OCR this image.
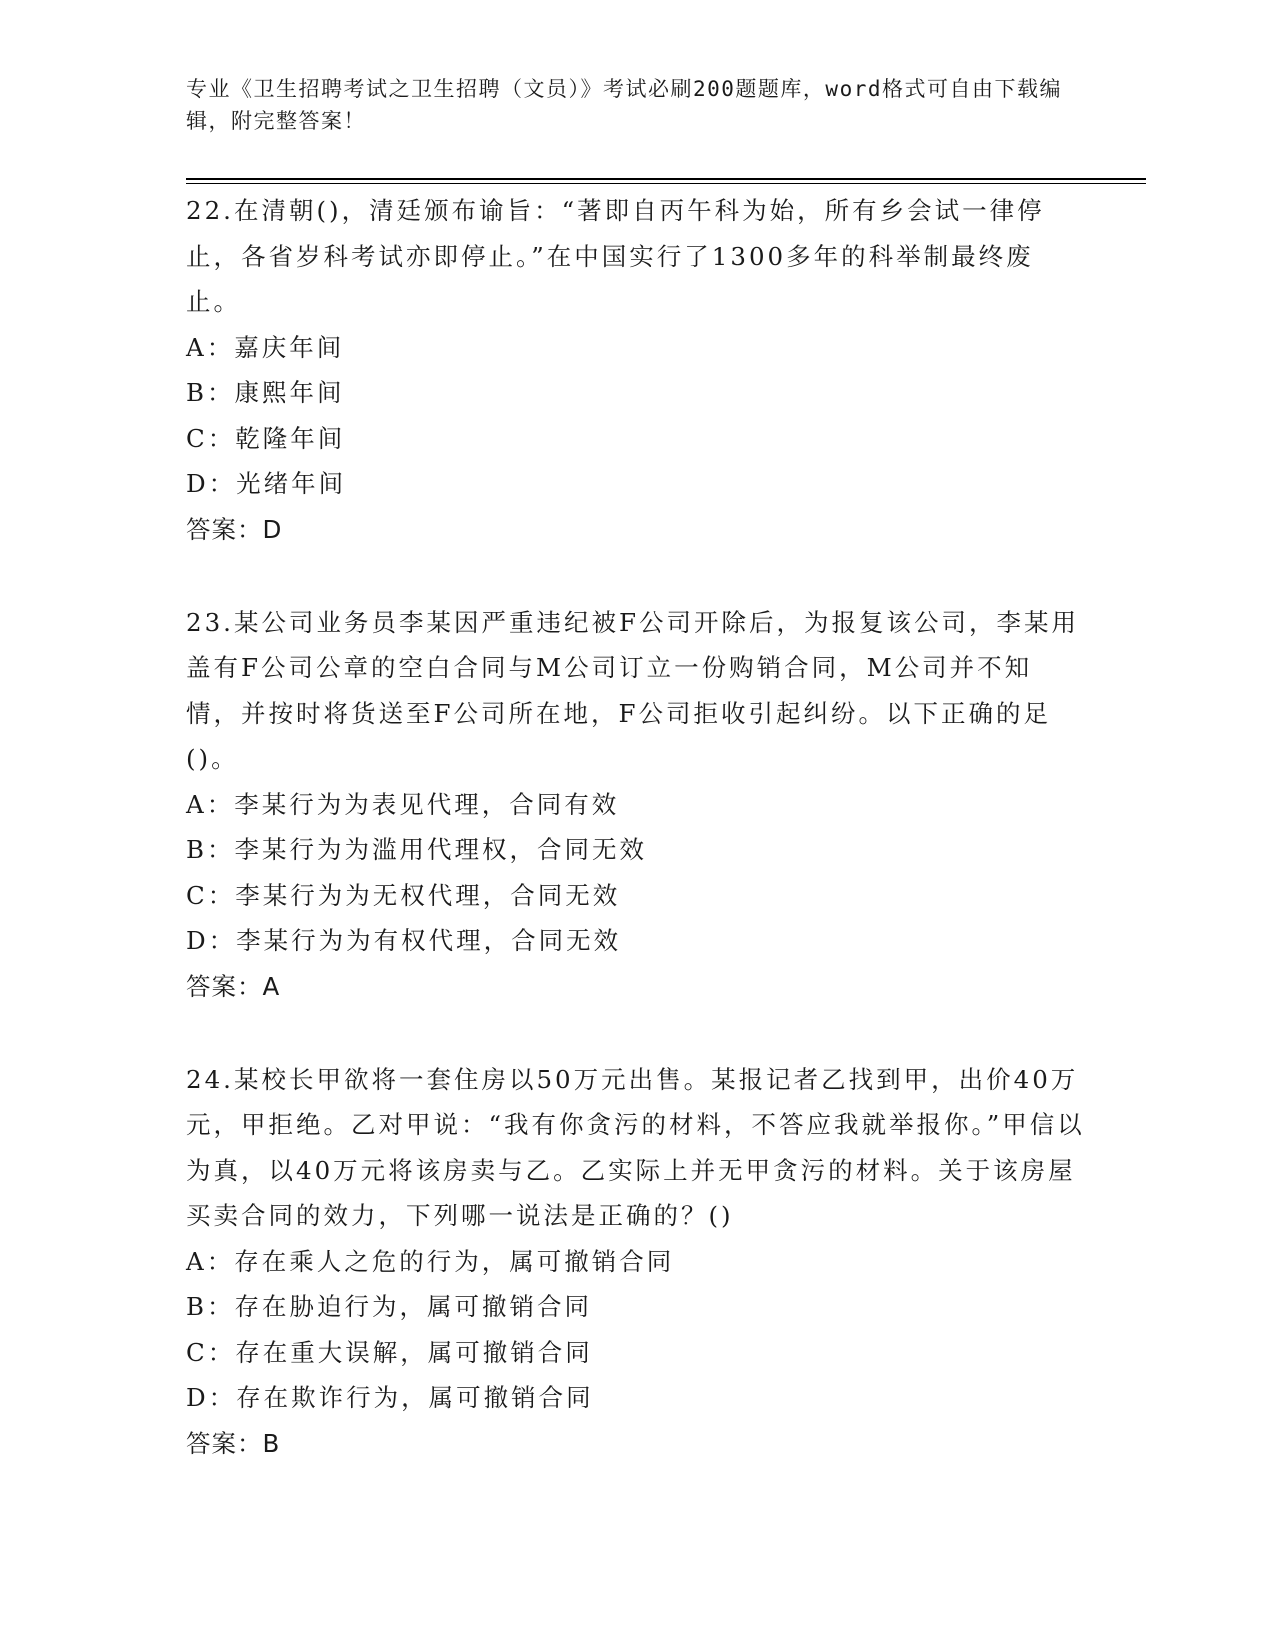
专业《卫生招聘考试之卫生招聘（文员）》考试必刷200题题库，word格式可自由下载编辑，附完整答案！

22.在清朝()，清廷颁布谕旨：“著即自丙午科为始，所有乡会试一律停止，各省岁科考试亦即停止。”在中国实行了1300多年的科举制最终废止。

A：嘉庆年间

B：康熙年间

C：乾隆年间

D：光绪年间

答案：D

23.某公司业务员李某因严重违纪被F公司开除后，为报复该公司，李某用盖有F公司公章的空白合同与M公司订立一份购销合同，M公司并不知情，并按时将货送至F公司所在地，F公司拒收引起纠纷。以下正确的足()。

A：李某行为为表见代理，合同有效

B：李某行为为滥用代理权，合同无效

C：李某行为为无权代理，合同无效

D：李某行为为有权代理，合同无效

答案：A

24.某校长甲欲将一套住房以50万元出售。某报记者乙找到甲，出价40万元，甲拒绝。乙对甲说：“我有你贪污的材料，不答应我就举报你。”甲信以为真，以40万元将该房卖与乙。乙实际上并无甲贪污的材料。关于该房屋买卖合同的效力，下列哪一说法是正确的？()

A：存在乘人之危的行为，属可撤销合同

B：存在胁迫行为，属可撤销合同

C：存在重大误解，属可撤销合同

D：存在欺诈行为，属可撤销合同

答案：B
